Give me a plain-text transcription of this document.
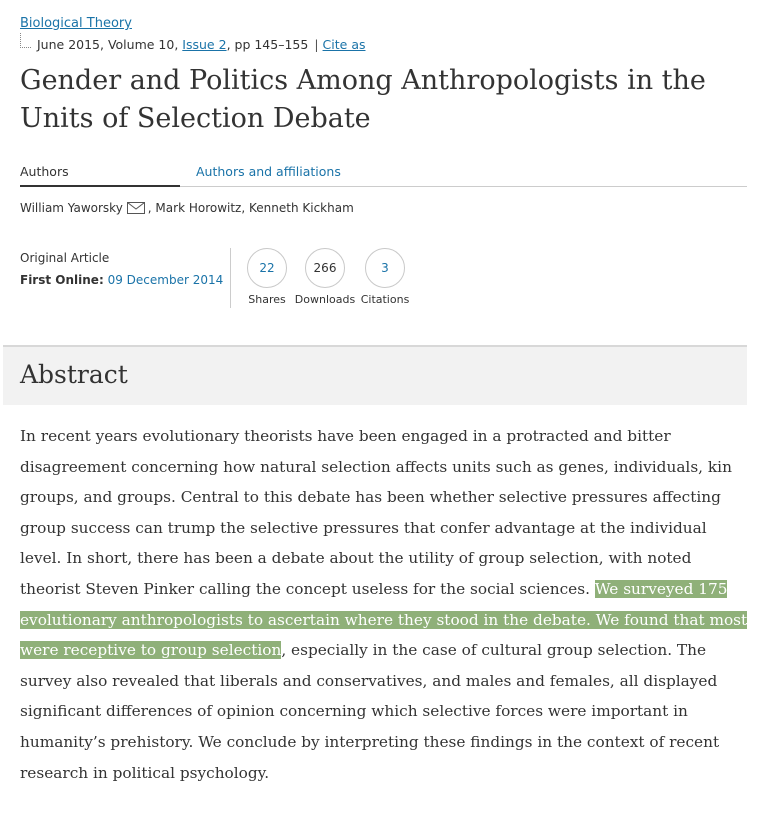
Biological Theory
June 2015, Volume 10, Issue 2 , pp 145–155 | Cite as
Gender and Politics Among Anthropologists in the Units of Selection Debate
Authors	Authors and affiliations
William Yaworsky , Mark Horowitz, Kenneth Kickham
Original Article
First Online: 09 December 2014
22
Shares
266
Downloads
3
Citations
Abstract

In recent years evolutionary theorists have been engaged in a protracted and bitter disagreement concerning how natural selection affects units such as genes, individuals, kin groups, and groups. Central to this debate has been whether selective pressures affecting group success can trump the selective pressures that confer advantage at the individual level. In short, there has been a debate about the utility of group selection, with noted theorist Steven Pinker calling the concept useless for the social sciences. We surveyed 175 evolutionary anthropologists to ascertain where they stood in the debate. We found that most were receptive to group selection, especially in the case of cultural group selection. The survey also revealed that liberals and conservatives, and males and females, all displayed significant differences of opinion concerning which selective forces were important in humanity’s prehistory. We conclude by interpreting these findings in the context of recent research in political psychology.
